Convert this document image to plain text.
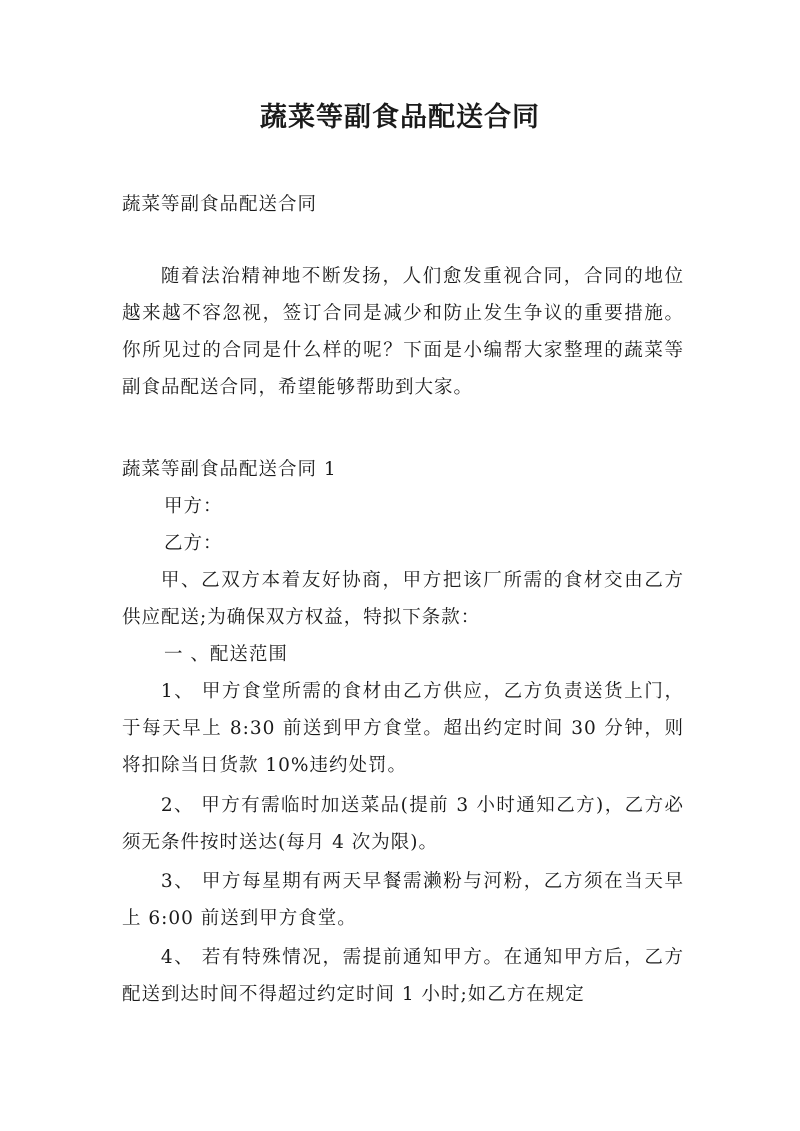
蔬菜等副食品配送合同

蔬菜等副食品配送合同

随着法治精神地不断发扬，人们愈发重视合同，合同的地位越来越不容忽视，签订合同是减少和防止发生争议的重要措施。你所见过的合同是什么样的呢？下面是小编帮大家整理的蔬菜等副食品配送合同，希望能够帮助到大家。

蔬菜等副食品配送合同 1

甲方：

乙方：

甲、乙双方本着友好协商，甲方把该厂所需的食材交由乙方供应配送;为确保双方权益，特拟下条款：

一 、配送范围

1、 甲方食堂所需的食材由乙方供应，乙方负责送货上门，于每天早上 8:30 前送到甲方食堂。超出约定时间 30 分钟，则将扣除当日货款 10%违约处罚。

2、 甲方有需临时加送菜品(提前 3 小时通知乙方)，乙方必须无条件按时送达(每月 4 次为限)。

3、 甲方每星期有两天早餐需濑粉与河粉，乙方须在当天早上 6:00 前送到甲方食堂。

4、 若有特殊情况，需提前通知甲方。在通知甲方后，乙方配送到达时间不得超过约定时间 1 小时;如乙方在规定
